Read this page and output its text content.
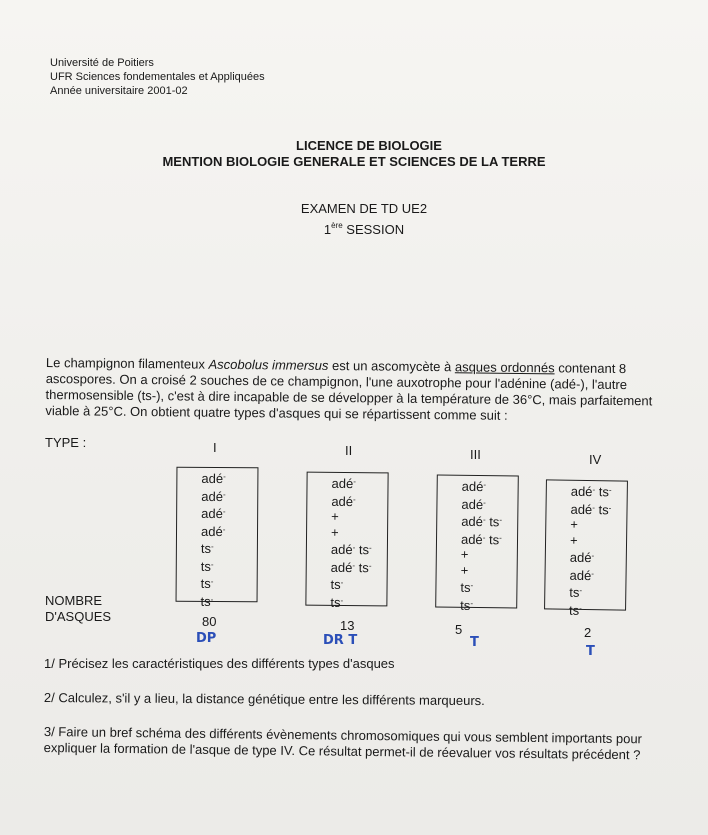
Université de Poitiers
UFR Sciences fondementales et Appliquées
Année universitaire 2001-02
LICENCE DE BIOLOGIE
MENTION BIOLOGIE GENERALE ET SCIENCES DE LA TERRE
EXAMEN DE TD UE2
1ère SESSION
Le champignon filamenteux Ascobolus immersus est un ascomycète à asques ordonnés contenant 8 ascospores. On a croisé 2 souches de ce champignon, l'une auxotrophe pour l'adénine (adé-), l'autre thermosensible (ts-), c'est à dire incapable de se développer à la température de 36°C, mais parfaitement viable à 25°C. On obtient quatre types d'asques qui se répartissent comme suit :
TYPE :	I
adé-
adé-
adé-
adé-
ts-
ts-
ts-
ts-
80
DP
II
adé-
adé-
+
+
adé- ts-
adé- ts-
ts-
ts-
13
DR T
III
adé-
adé-
adé- ts-
adé- ts-
+
+
ts-
ts-
5
T
IV
adé- ts-
adé- ts-
+
+
adé-
adé-
ts-
ts-
2
T
NOMBRE
D'ASQUES
1/ Précisez les caractéristiques des différents types d'asques
2/ Calculez, s'il y a lieu, la distance génétique entre les différents marqueurs.
3/ Faire un bref schéma des différents évènements chromosomiques qui vous semblent importants pour expliquer la formation de l'asque de type IV. Ce résultat permet-il de réevaluer vos résultats précédent ?
